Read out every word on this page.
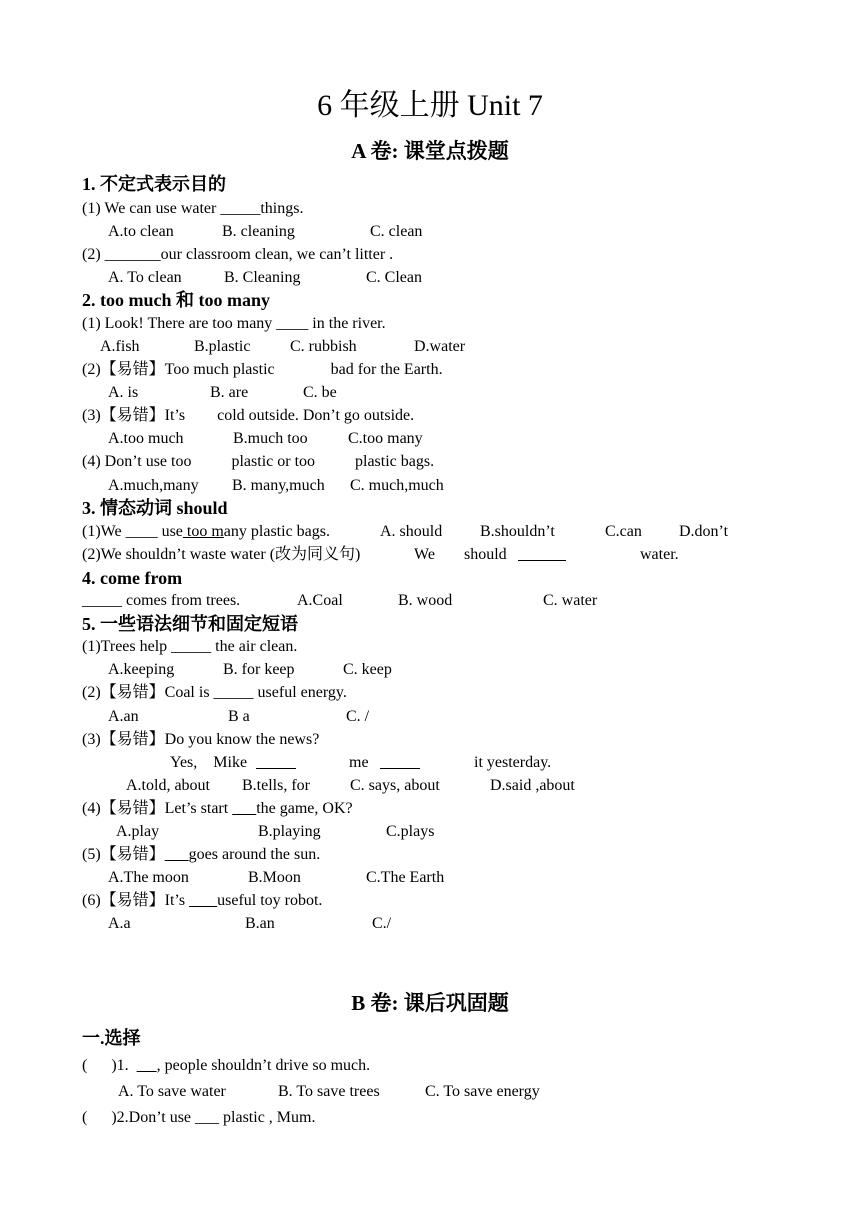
6 年级上册 Unit 7
A 卷: 课堂点拨题
1. 不定式表示目的
(1) We can use water _____things.
A.to clean	B. cleaning	C. clean
(2) _______our classroom clean, we can’t litter .
A. To clean	B. Cleaning	C. Clean
2. too much 和 too many
(1) Look! There are too many ____ in the river.
A.fish	B.plastic C. rubbish	D.water
(2)【易错】Too much plastic              bad for the Earth.
A. is	B. are	C. be
(3)【易错】It’s        cold outside. Don’t go outside.
A.too much	B.much too	C.too many
(4) Don’t use too          plastic or too          plastic bags.
A.much,many B. many,much C. much,much
3. 情态动词 should
(1)We ____ use too many plastic bags.	A. should B.shouldn’t	C.can D.don’t
(2)We shouldn’t waste water (改为同义句)	We should
	water.
4. come from
_____ comes from trees.	A.Coal	B. wood	C. water
5. 一些语法细节和固定短语
(1)Trees help _____ the air clean.
A.keeping	B. for keep	C. keep
(2)【易错】Coal is _____ useful energy.
A.an	B a	C. /
(3)【易错】Do you know the news?
Yes,    Mike
	me
	it yesterday.
A.told, about B.tells, for	C. says, about	D.said ,about
(4)【易错】Let’s start the game, OK?
A.play	B.playing	C.plays
(5)【易错】 goes around the sun.
A.The moon	B.Moon	C.The Earth
(6)【易错】It’s useful toy robot.
A.a	B.an	C./
B 卷: 课后巩固题
一.选择
(      )1. , people shouldn’t drive so much.
A. To save water	B. To save trees	C. To save energy
(      )2.Don’t use ___ plastic , Mum.
